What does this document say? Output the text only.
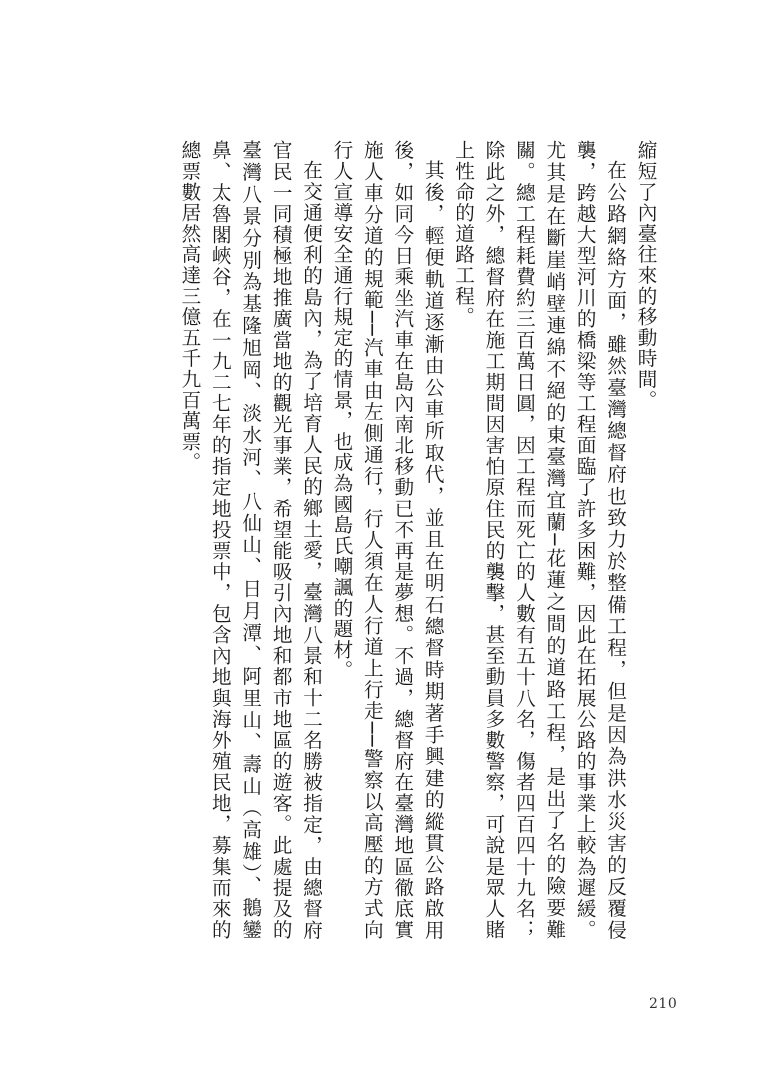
縮短了內臺往來的移動時間。

在公路網絡方面，雖然臺灣總督府也致力於整備工程，但是因為洪水災害的反覆侵襲，跨越大型河川的橋梁等工程面臨了許多困難，因此在拓展公路的事業上較為遲緩。尤其是在斷崖峭壁連綿不絕的東臺灣宜蘭─花蓮之間的道路工程，是出了名的險要難關。總工程耗費約三百萬日圓，因工程而死亡的人數有五十八名，傷者四百四十九名；除此之外，總督府在施工期間因害怕原住民的襲擊，甚至動員多數警察，可說是眾人賭上性命的道路工程。

其後，輕便軌道逐漸由公車所取代，並且在明石總督時期著手興建的縱貫公路啟用後，如同今日乘坐汽車在島內南北移動已不再是夢想。不過，總督府在臺灣地區徹底實施人車分道的規範──汽車由左側通行，行人須在人行道上行走──警察以高壓的方式向行人宣導安全通行規定的情景，也成為國島氏嘲諷的題材。

在交通便利的島內，為了培育人民的鄉土愛，臺灣八景和十二名勝被指定，由總督府官民一同積極地推廣當地的觀光事業，希望能吸引內地和都市地區的遊客。此處提及的臺灣八景分別為基隆旭岡、淡水河、八仙山、日月潭、阿里山、壽山（高雄）、鵝鑾鼻、太魯閣峽谷，在一九二七年的指定地投票中，包含內地與海外殖民地，募集而來的總票數居然高達三億五千九百萬票。

210
